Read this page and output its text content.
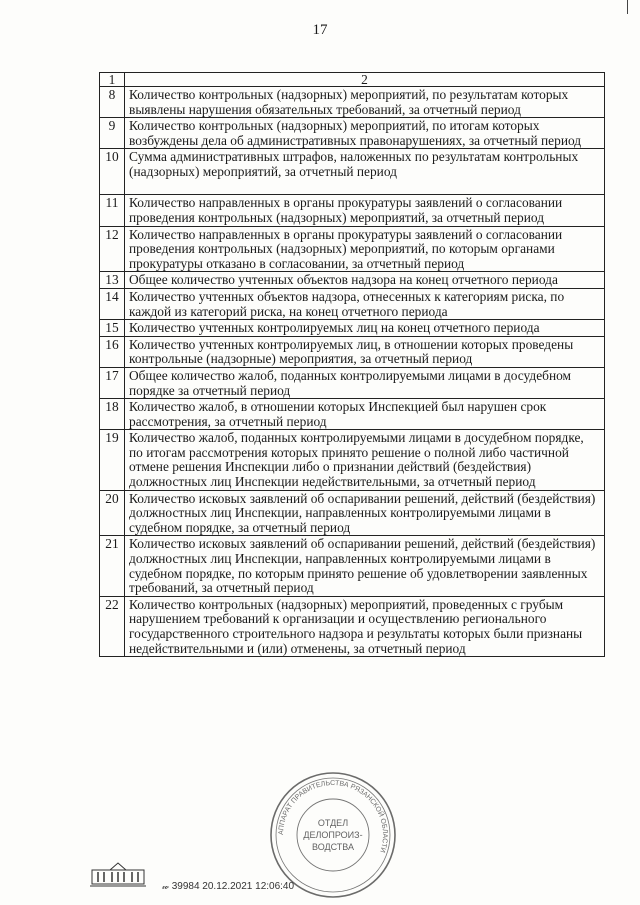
17
1	2
8	Количество контрольных (надзорных) мероприятий, по результатам которых выявлены нарушения обязательных требований, за отчетный период
9	Количество контрольных (надзорных) мероприятий, по итогам которых возбуждены дела об административных правонарушениях, за отчетный период
10	Сумма административных штрафов, наложенных по результатам контрольных (надзорных) мероприятий, за отчетный период
11	Количество направленных в органы прокуратуры заявлений о согласовании проведения контрольных (надзорных) мероприятий, за отчетный период
12	Количество направленных в органы прокуратуры заявлений о согласовании проведения контрольных (надзорных) мероприятий, по которым органами прокуратуры отказано в согласовании, за отчетный период
13	Общее количество учтенных объектов надзора на конец отчетного периода
14	Количество учтенных объектов надзора, отнесенных к категориям риска, по каждой из категорий риска, на конец отчетного периода
15	Количество учтенных контролируемых лиц на конец отчетного периода
16	Количество учтенных контролируемых лиц, в отношении которых проведены контрольные (надзорные) мероприятия, за отчетный период
17	Общее количество жалоб, поданных контролируемыми лицами в досудебном порядке за отчетный период
18	Количество жалоб, в отношении которых Инспекцией был нарушен срок рассмотрения, за отчетный период
19	Количество жалоб, поданных контролируемыми лицами в досудебном порядке, по итогам рассмотрения которых принято решение о полной либо частичной отмене решения Инспекции либо о признании действий (бездействия) должностных лиц Инспекции недействительными, за отчетный период
20	Количество исковых заявлений об оспаривании решений, действий (бездействия) должностных лиц Инспекции, направленных контролируемыми лицами в судебном порядке, за отчетный период
21	Количество исковых заявлений об оспаривании решений, действий (бездействия) должностных лиц Инспекции, направленных контролируемыми лицами в судебном порядке, по которым принято решение об удовлетворении заявленных требований, за отчетный период
22	Количество контрольных (надзорных) мероприятий, проведенных с грубым нарушением требований к организации и осуществлению регионального государственного строительного надзора и результаты которых были признаны недействительными и (или) отменены, за отчетный период
АППАРАТ ПРАВИТЕЛЬСТВА РЯЗАНСКОЙ ОБЛАСТИ
ОТДЕЛ
ДЕЛОПРОИЗ-
ВОДСТВА
𝓌 39984 20.12.2021 12:06:40
